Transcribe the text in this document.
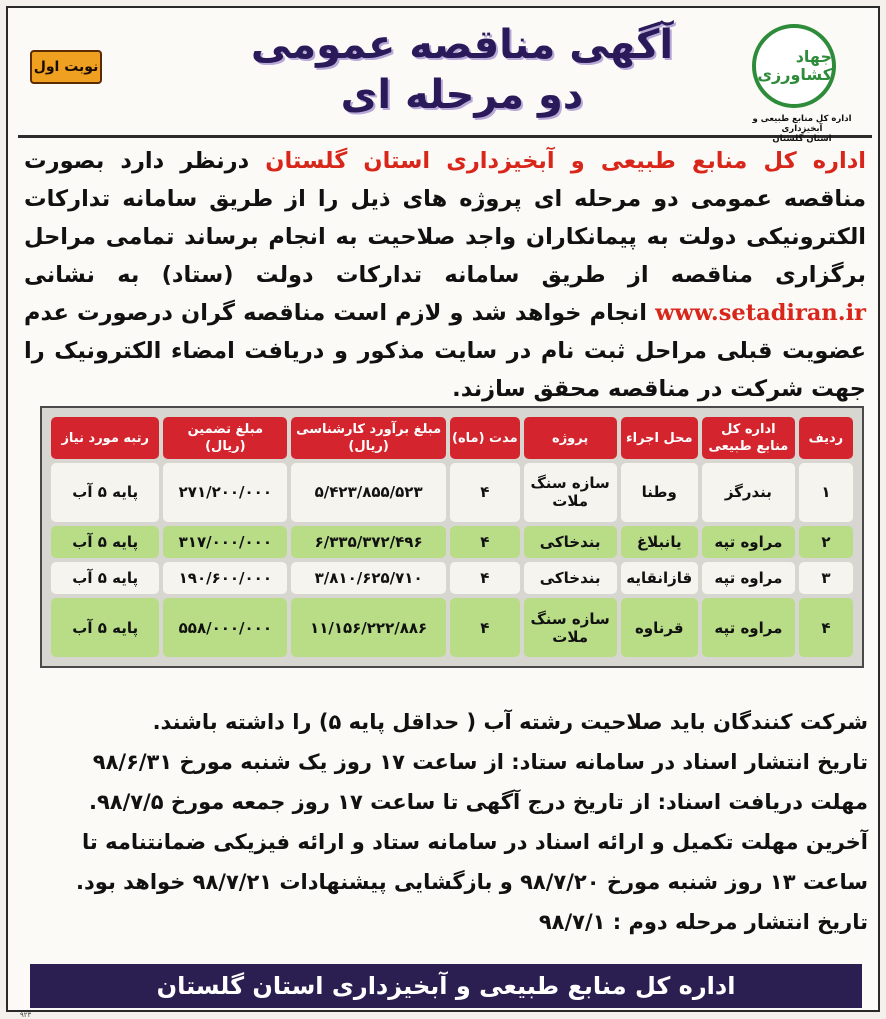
جهاد کشاورزی
اداره کل منابع طبیعی و آبخیزداری
استان گلستان
آگهی مناقصه عمومی
دو مرحله ای
نوبت اول
اداره کل منابع طبیعی و آبخیزداری استان گلستان درنظر دارد بصورت مناقصه عمومی دو مرحله ای پروژه های ذیل را از طریق سامانه تدارکات الکترونیکی دولت به پیمانکاران واجد صلاحیت به انجام برساند تمامی مراحل برگزاری مناقصه از طریق سامانه تدارکات دولت (ستاد) به نشانی www.setadiran.ir انجام خواهد شد و لازم است مناقصه گران درصورت عدم عضویت قبلی مراحل ثبت نام در سایت مذکور و دریافت امضاء الکترونیک را جهت شرکت در مناقصه محقق سازند.
ردیف	اداره کل منابع طبیعی	محل اجراء	پروژه	مدت (ماه)	مبلغ برآورد کارشناسی (ریال)	مبلغ تضمین (ریال)	رتبه مورد نیاز
۱	بندرگز	وطنا	سازه سنگ ملات	۴	۵/۴۲۳/۸۵۵/۵۲۳	۲۷۱/۲۰۰/۰۰۰	پایه ۵ آب
۲	مراوه تپه	یانبلاغ	بندخاکی	۴	۶/۳۳۵/۳۷۲/۴۹۶	۳۱۷/۰۰۰/۰۰۰	پایه ۵ آب
۳	مراوه تپه	قازانقایه	بندخاکی	۴	۳/۸۱۰/۶۲۵/۷۱۰	۱۹۰/۶۰۰/۰۰۰	پایه ۵ آب
۴	مراوه تپه	قرناوه	سازه سنگ ملات	۴	۱۱/۱۵۶/۲۲۲/۸۸۶	۵۵۸/۰۰۰/۰۰۰	پایه ۵ آب

شرکت کنندگان باید صلاحیت رشته آب ( حداقل پایه ۵) را داشته باشند.

تاریخ انتشار اسناد در سامانه ستاد: از ساعت ۱۷ روز یک شنبه مورخ ۹۸/۶/۳۱

مهلت دریافت اسناد: از تاریخ درج آگهی تا ساعت ۱۷ روز جمعه مورخ ۹۸/۷/۵.

آخرین مهلت تکمیل و ارائه اسناد در سامانه ستاد و ارائه فیزیکی ضمانتنامه تا ساعت ۱۳ روز شنبه مورخ ۹۸/۷/۲۰ و بازگشایی پیشنهادات ۹۸/۷/۲۱ خواهد بود.

تاریخ انتشار مرحله دوم : ۹۸/۷/۱

اداره کل منابع طبیعی و آبخیزداری استان گلستان
۹۲۳
